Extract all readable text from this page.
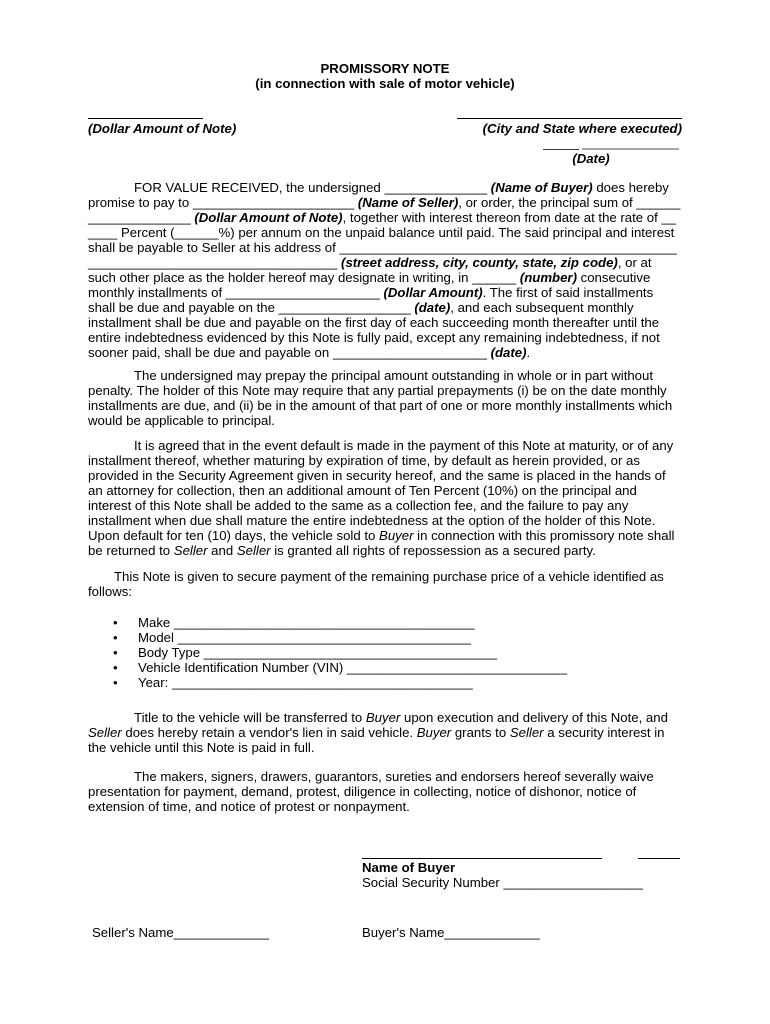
PROMISSORY NOTE
(in connection with sale of motor vehicle)
(Dollar Amount of Note)	(City and State where executed)
(Date)

FOR VALUE RECEIVED, the undersigned ______________ (Name of Buyer) does hereby promise to pay to ______________________ (Name of Seller), or order, the principal sum of ____________________ (Dollar Amount of Note), together with interest thereon from date at the rate of ______ Percent (______%) per annum on the unpaid balance until paid. The said principal and interest shall be payable to Seller at his address of ________________________________________________________________________________ (street address, city, county, state, zip code), or at such other place as the holder hereof may designate in writing, in ______ (number) consecutive monthly installments of _____________________ (Dollar Amount). The first of said installments shall be due and payable on the __________________ (date), and each subsequent monthly installment shall be due and payable on the first day of each succeeding month thereafter until the entire indebtedness evidenced by this Note is fully paid, except any remaining indebtedness, if not sooner paid, shall be due and payable on _____________________ (date).

The undersigned may prepay the principal amount outstanding in whole or in part without penalty. The holder of this Note may require that any partial prepayments (i) be on the date monthly installments are due, and (ii) be in the amount of that part of one or more monthly installments which would be applicable to principal.

It is agreed that in the event default is made in the payment of this Note at maturity, or of any installment thereof, whether maturing by expiration of time, by default as herein provided, or as provided in the Security Agreement given in security hereof, and the same is placed in the hands of an attorney for collection, then an additional amount of Ten Percent (10%) on the principal and interest of this Note shall be added to the same as a collection fee, and the failure to pay any installment when due shall mature the entire indebtedness at the option of the holder of this Note. Upon default for ten (10) days, the vehicle sold to Buyer in connection with this promissory note shall be returned to Seller and Seller is granted all rights of repossession as a secured party.

This Note is given to secure payment of the remaining purchase price of a vehicle identified as follows:

• Make _________________________________________
• Model ________________________________________
• Body Type ________________________________________
• Vehicle Identification Number (VIN) ______________________________
• Year: _________________________________________

Title to the vehicle will be transferred to Buyer upon execution and delivery of this Note, and Seller does hereby retain a vendor's lien in said vehicle. Buyer grants to Seller a security interest in the vehicle until this Note is paid in full.

The makers, signers, drawers, guarantors, sureties and endorsers hereof severally waive presentation for payment, demand, protest, diligence in collecting, notice of dishonor, notice of extension of time, and notice of protest or nonpayment.

Name of Buyer
Social Security Number ___________________
Seller's Name_____________	Buyer's Name_____________
